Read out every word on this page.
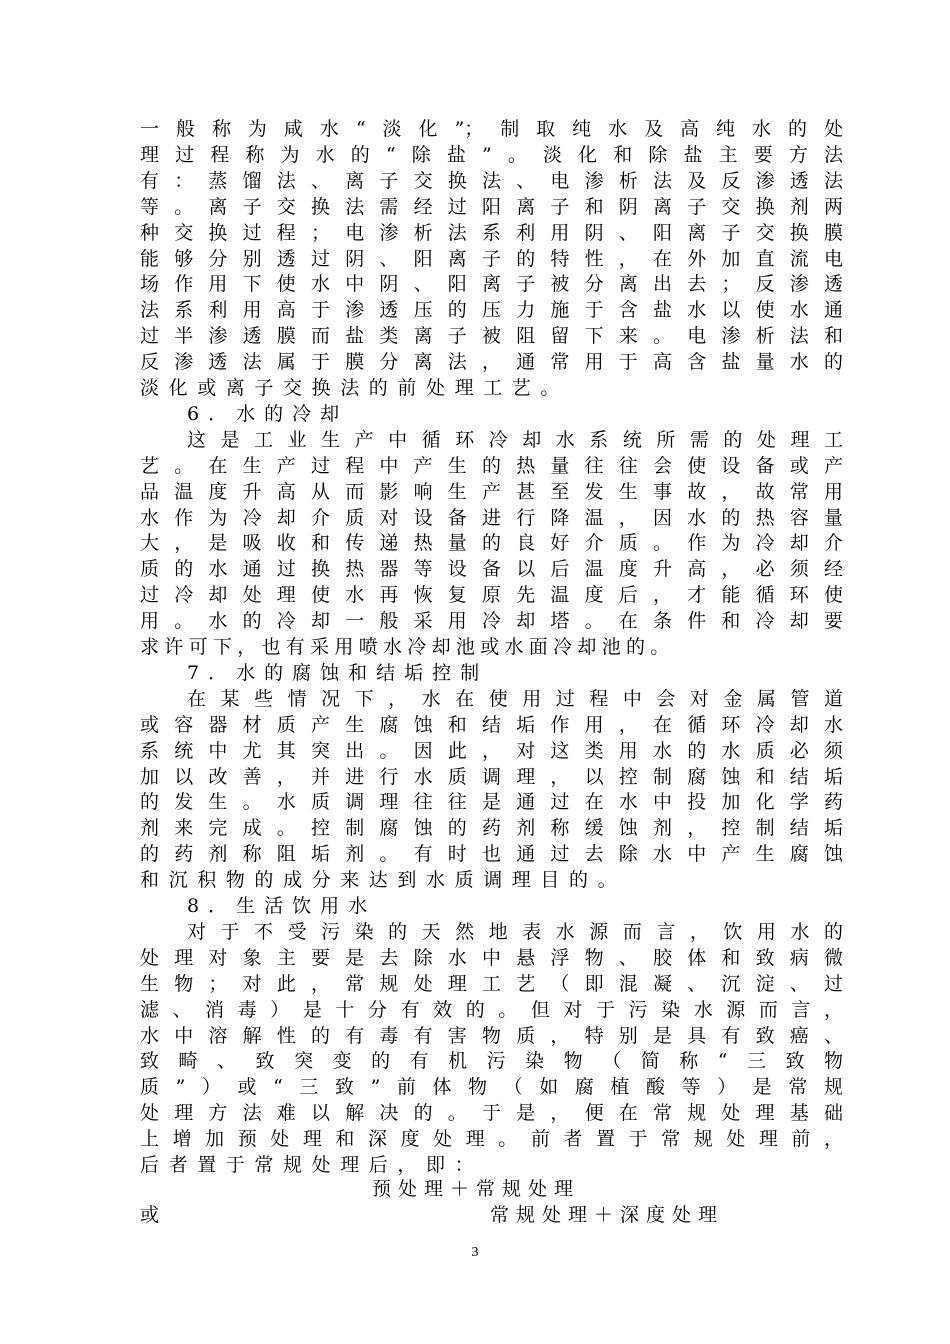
一般称为咸水“淡化”；制取纯水及高纯水的处
理过程称为水的“除盐”。淡化和除盐主要方法
有：蒸馏法、离子交换法、电渗析法及反渗透法
等。离子交换法需经过阳离子和阴离子交换剂两
种交换过程；电渗析法系利用阴、阳离子交换膜
能够分别透过阴、阳离子的特性，在外加直流电
场作用下使水中阴、阳离子被分离出去；反渗透
法系利用高于渗透压的压力施于含盐水以使水通
过半渗透膜而盐类离子被阻留下来。电渗析法和
反渗透法属于膜分离法，通常用于高含盐量水的
淡化或离子交换法的前处理工艺。
6．水的冷却
这是工业生产中循环冷却水系统所需的处理工
艺。在生产过程中产生的热量往往会使设备或产
品温度升高从而影响生产甚至发生事故，故常用
水作为冷却介质对设备进行降温，因水的热容量
大，是吸收和传递热量的良好介质。作为冷却介
质的水通过换热器等设备以后温度升高，必须经
过冷却处理使水再恢复原先温度后，才能循环使
用。水的冷却一般采用冷却塔。在条件和冷却要
求许可下，也有采用喷水冷却池或水面冷却池的。
7．水的腐蚀和结垢控制
在某些情况下，水在使用过程中会对金属管道
或容器材质产生腐蚀和结垢作用，在循环冷却水
系统中尤其突出。因此，对这类用水的水质必须
加以改善，并进行水质调理，以控制腐蚀和结垢
的发生。水质调理往往是通过在水中投加化学药
剂来完成。控制腐蚀的药剂称缓蚀剂，控制结垢
的药剂称阻垢剂。有时也通过去除水中产生腐蚀
和沉积物的成分来达到水质调理目的。
8．生活饮用水
对于不受污染的天然地表水源而言，饮用水的
处理对象主要是去除水中悬浮物、胶体和致病微
生物；对此，常规处理工艺（即混凝、沉淀、过
滤、消毒）是十分有效的。但对于污染水源而言，
水中溶解性的有毒有害物质，特别是具有致癌、
致畸、致突变的有机污染物（简称“三致物
质”）或“三致”前体物（如腐植酸等）是常规
处理方法难以解决的。于是，便在常规处理基础
上增加预处理和深度处理。前者置于常规处理前，
后者置于常规处理后，即：
预处理＋常规处理
或	常规处理＋深度处理
3
